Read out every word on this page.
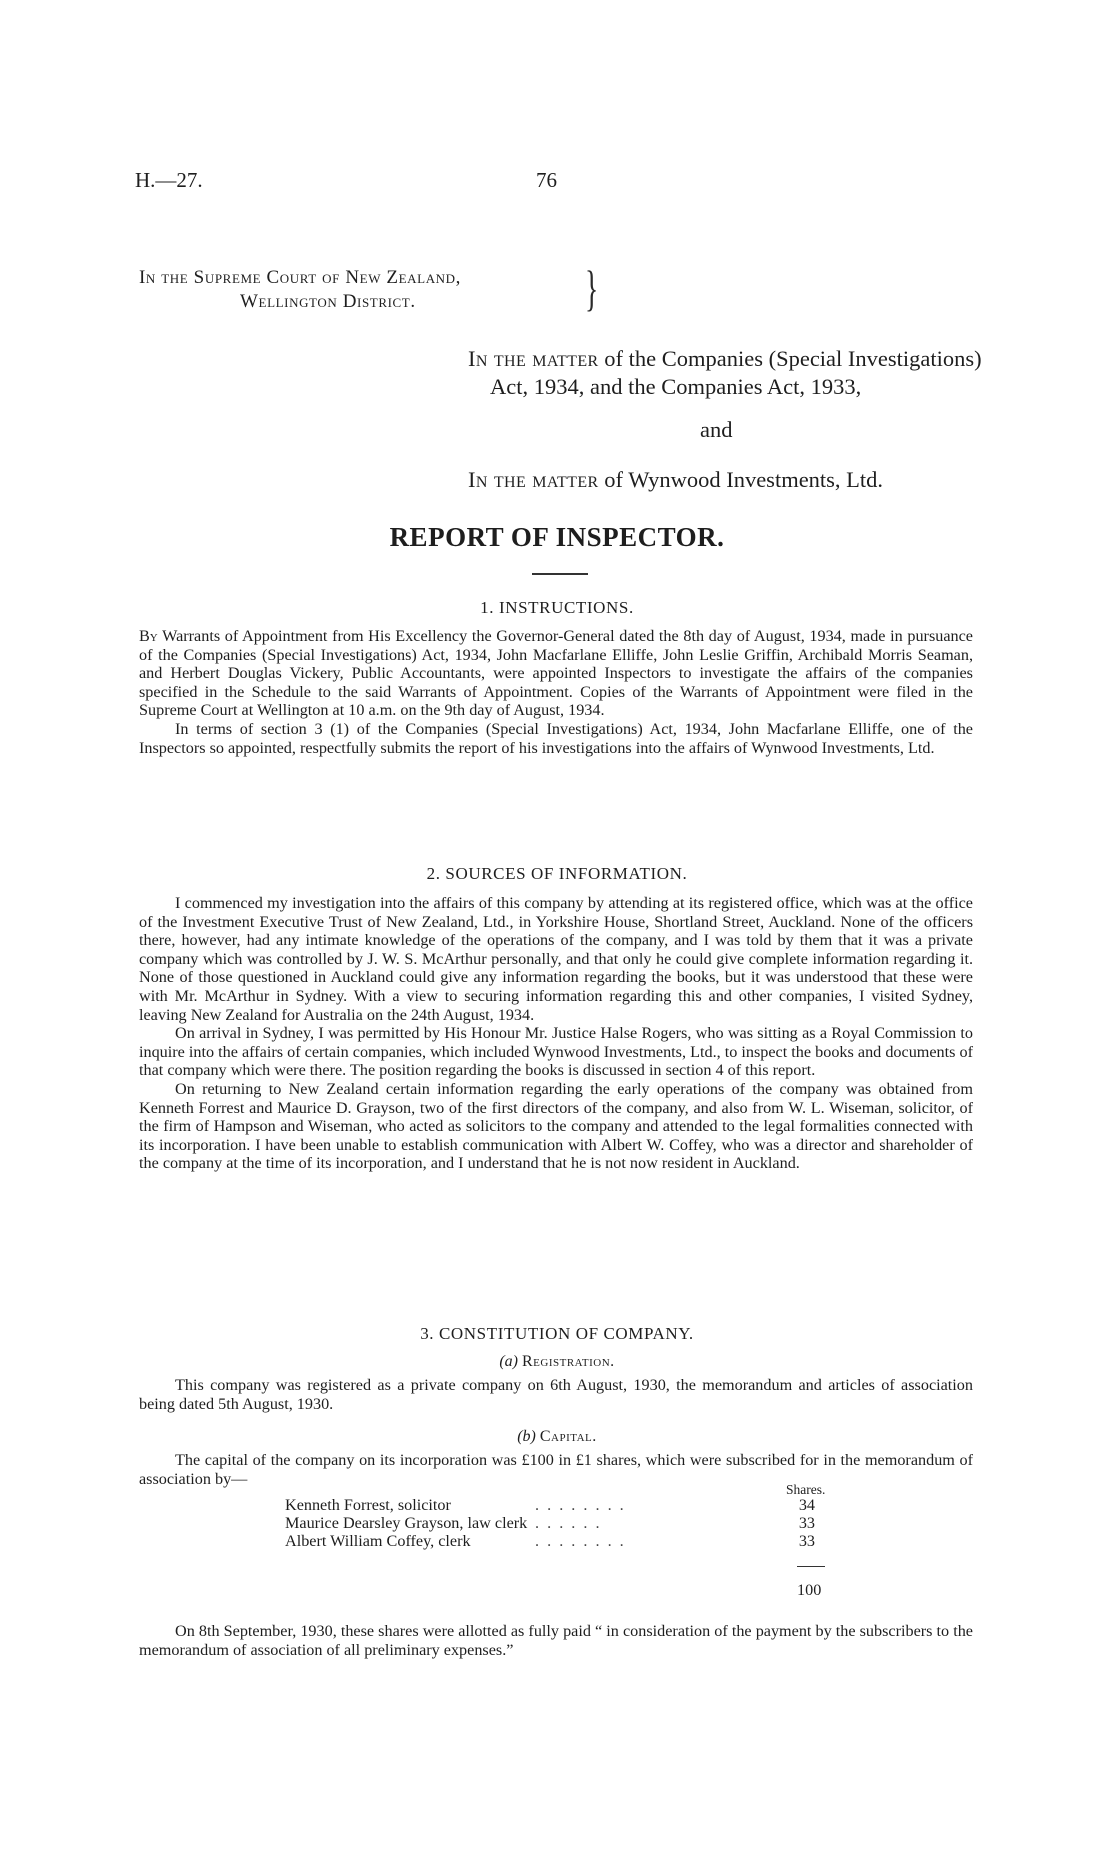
H.—27.	76
In the Supreme Court of New Zealand,
Wellington District.	}

In the matter of the Companies (Special Investigations) Act, 1934, and the Companies Act, 1933,

and
In the matter of Wynwood Investments, Ltd.
REPORT OF INSPECTOR.
1. INSTRUCTIONS.

By Warrants of Appointment from His Excellency the Governor-General dated the 8th day of August, 1934, made in pursuance of the Companies (Special Investigations) Act, 1934, John Macfarlane Elliffe, John Leslie Griffin, Archibald Morris Seaman, and Herbert Douglas Vickery, Public Accountants, were appointed Inspectors to investigate the affairs of the companies specified in the Schedule to the said Warrants of Appointment. Copies of the Warrants of Appointment were filed in the Supreme Court at Wellington at 10 a.m. on the 9th day of August, 1934.

In terms of section 3 (1) of the Companies (Special Investigations) Act, 1934, John Macfarlane Elliffe, one of the Inspectors so appointed, respectfully submits the report of his investigations into the affairs of Wynwood Investments, Ltd.

2. SOURCES OF INFORMATION.

I commenced my investigation into the affairs of this company by attending at its registered office, which was at the office of the Investment Executive Trust of New Zealand, Ltd., in Yorkshire House, Shortland Street, Auckland. None of the officers there, however, had any intimate knowledge of the operations of the company, and I was told by them that it was a private company which was controlled by J. W. S. McArthur personally, and that only he could give complete information regarding it. None of those questioned in Auckland could give any information regarding the books, but it was understood that these were with Mr. McArthur in Sydney. With a view to securing information regarding this and other companies, I visited Sydney, leaving New Zealand for Australia on the 24th August, 1934.

On arrival in Sydney, I was permitted by His Honour Mr. Justice Halse Rogers, who was sitting as a Royal Commission to inquire into the affairs of certain companies, which included Wynwood Investments, Ltd., to inspect the books and documents of that company which were there. The position regarding the books is discussed in section 4 of this report.

On returning to New Zealand certain information regarding the early operations of the company was obtained from Kenneth Forrest and Maurice D. Grayson, two of the first directors of the company, and also from W. L. Wiseman, solicitor, of the firm of Hampson and Wiseman, who acted as solicitors to the company and attended to the legal formalities connected with its incorporation. I have been unable to establish communication with Albert W. Coffey, who was a director and shareholder of the company at the time of its incorporation, and I understand that he is not now resident in Auckland.

3. CONSTITUTION OF COMPANY.
(a) Registration.

This company was registered as a private company on 6th August, 1930, the memorandum and articles of association being dated 5th August, 1930.

(b) Capital.

The capital of the company on its incorporation was £100 in £1 shares, which were subscribed for in the memorandum of association by—

Shares.
Kenneth Forrest, solicitor	. . . . . . . .	34
Maurice Dearsley Grayson, law clerk	. . . . . .	33
Albert William Coffey, clerk	. . . . . . . .	33
100

On 8th September, 1930, these shares were allotted as fully paid “ in consideration of the payment by the subscribers to the memorandum of association of all preliminary expenses.”
